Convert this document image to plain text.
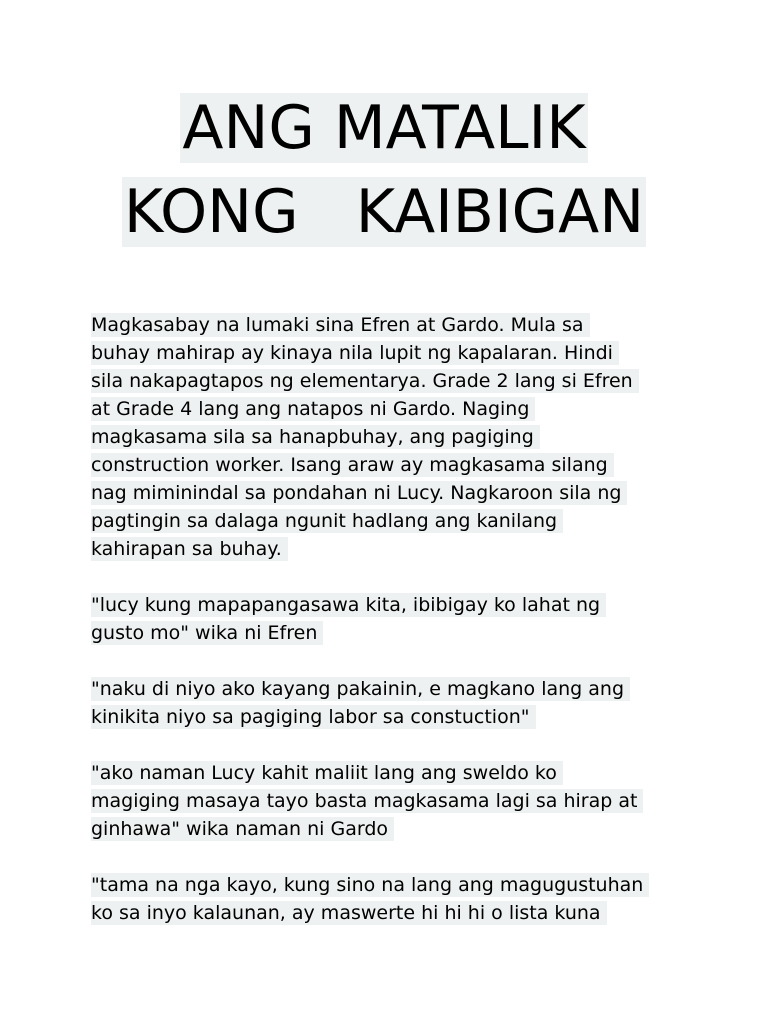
ANG MATALIK
KONG   KAIBIGAN
Magkasabay na lumaki sina Efren at Gardo. Mula sa
buhay mahirap ay kinaya nila lupit ng kapalaran. Hindi
sila nakapagtapos ng elementarya. Grade 2 lang si Efren
at Grade 4 lang ang natapos ni Gardo. Naging
magkasama sila sa hanapbuhay, ang pagiging
construction worker. Isang araw ay magkasama silang
nag miminindal sa pondahan ni Lucy. Nagkaroon sila ng
pagtingin sa dalaga ngunit hadlang ang kanilang
kahirapan sa buhay.
"lucy kung mapapangasawa kita, ibibigay ko lahat ng
gusto mo" wika ni Efren
"naku di niyo ako kayang pakainin, e magkano lang ang
kinikita niyo sa pagiging labor sa constuction"
"ako naman Lucy kahit maliit lang ang sweldo ko
magiging masaya tayo basta magkasama lagi sa hirap at
ginhawa" wika naman ni Gardo
"tama na nga kayo, kung sino na lang ang magugustuhan
ko sa inyo kalaunan, ay maswerte hi hi hi o lista kuna
